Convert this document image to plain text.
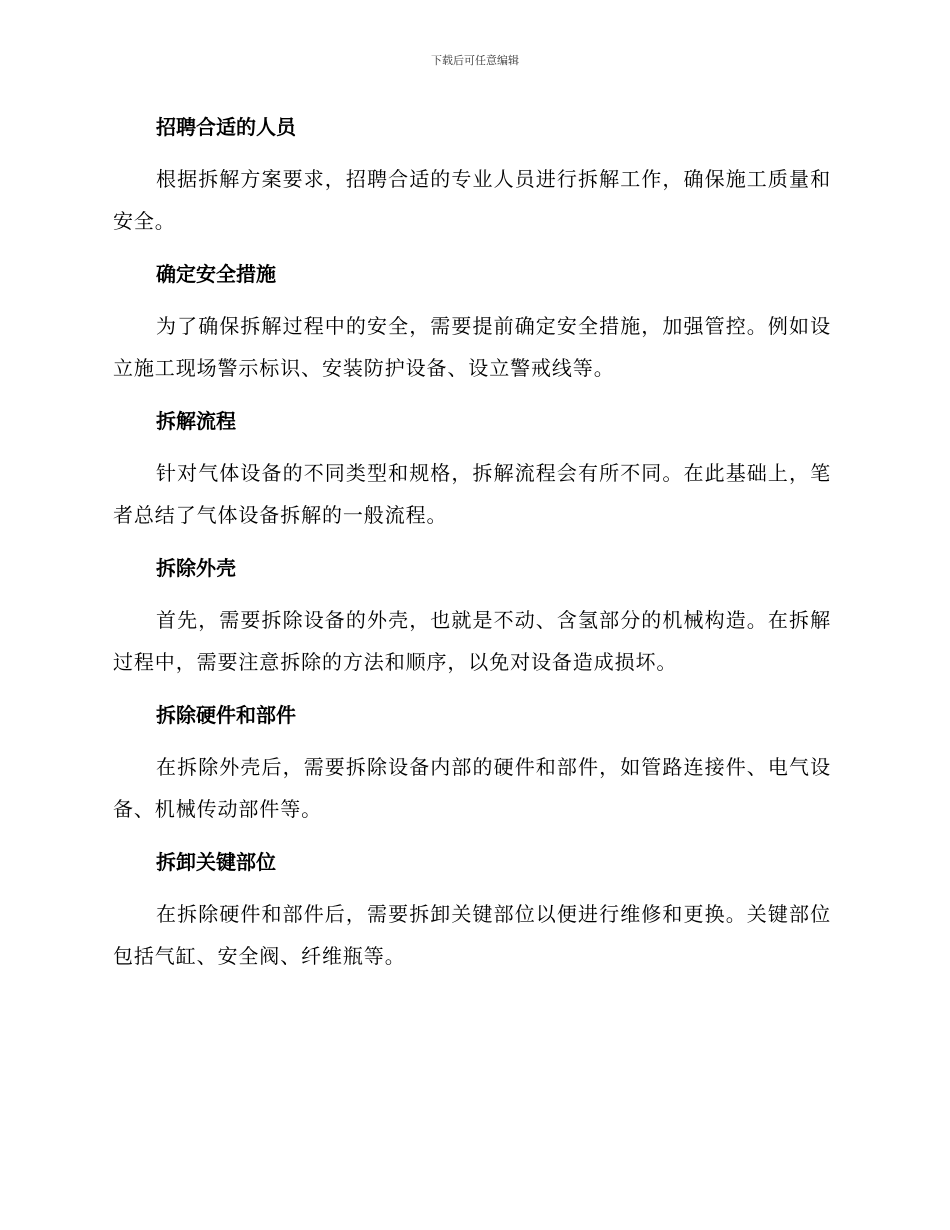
下载后可任意编辑
招聘合适的人员

根据拆解方案要求，招聘合适的专业人员进行拆解工作，确保施工质量和安全。

确定安全措施

为了确保拆解过程中的安全，需要提前确定安全措施，加强管控。例如设立施工现场警示标识、安装防护设备、设立警戒线等。

拆解流程

针对气体设备的不同类型和规格，拆解流程会有所不同。在此基础上，笔者总结了气体设备拆解的一般流程。

拆除外壳

首先，需要拆除设备的外壳，也就是不动、含氢部分的机械构造。在拆解过程中，需要注意拆除的方法和顺序，以免对设备造成损坏。

拆除硬件和部件

在拆除外壳后，需要拆除设备内部的硬件和部件，如管路连接件、电气设备、机械传动部件等。

拆卸关键部位

在拆除硬件和部件后，需要拆卸关键部位以便进行维修和更换。关键部位包括气缸、安全阀、纤维瓶等。
